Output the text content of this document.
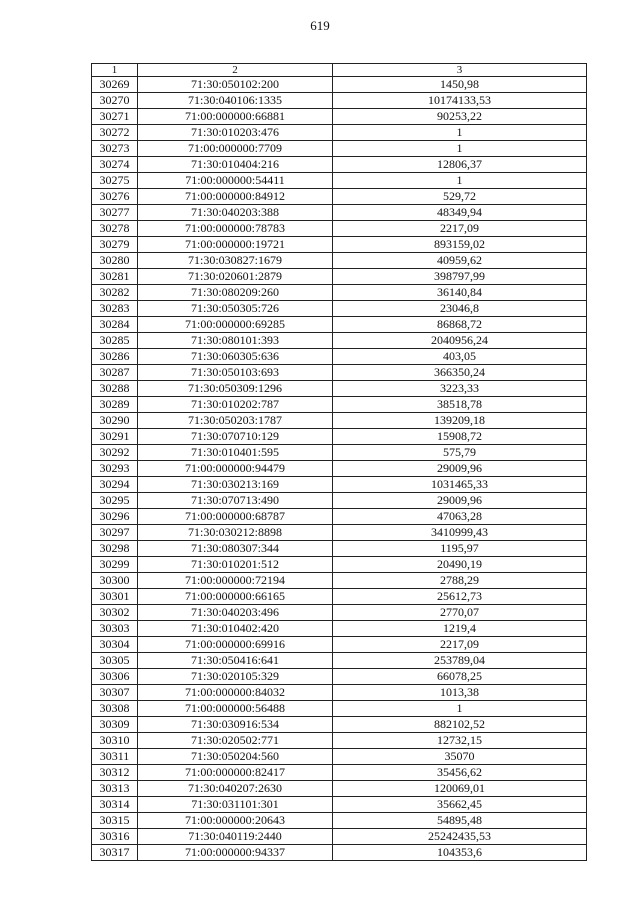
619
1	2	3
30269	71:30:050102:200	1450,98
30270	71:30:040106:1335	10174133,53
30271	71:00:000000:66881	90253,22
30272	71:30:010203:476	1
30273	71:00:000000:7709	1
30274	71:30:010404:216	12806,37
30275	71:00:000000:54411	1
30276	71:00:000000:84912	529,72
30277	71:30:040203:388	48349,94
30278	71:00:000000:78783	2217,09
30279	71:00:000000:19721	893159,02
30280	71:30:030827:1679	40959,62
30281	71:30:020601:2879	398797,99
30282	71:30:080209:260	36140,84
30283	71:30:050305:726	23046,8
30284	71:00:000000:69285	86868,72
30285	71:30:080101:393	2040956,24
30286	71:30:060305:636	403,05
30287	71:30:050103:693	366350,24
30288	71:30:050309:1296	3223,33
30289	71:30:010202:787	38518,78
30290	71:30:050203:1787	139209,18
30291	71:30:070710:129	15908,72
30292	71:30:010401:595	575,79
30293	71:00:000000:94479	29009,96
30294	71:30:030213:169	1031465,33
30295	71:30:070713:490	29009,96
30296	71:00:000000:68787	47063,28
30297	71:30:030212:8898	3410999,43
30298	71:30:080307:344	1195,97
30299	71:30:010201:512	20490,19
30300	71:00:000000:72194	2788,29
30301	71:00:000000:66165	25612,73
30302	71:30:040203:496	2770,07
30303	71:30:010402:420	1219,4
30304	71:00:000000:69916	2217,09
30305	71:30:050416:641	253789,04
30306	71:30:020105:329	66078,25
30307	71:00:000000:84032	1013,38
30308	71:00:000000:56488	1
30309	71:30:030916:534	882102,52
30310	71:30:020502:771	12732,15
30311	71:30:050204:560	35070
30312	71:00:000000:82417	35456,62
30313	71:30:040207:2630	120069,01
30314	71:30:031101:301	35662,45
30315	71:00:000000:20643	54895,48
30316	71:30:040119:2440	25242435,53
30317	71:00:000000:94337	104353,6
